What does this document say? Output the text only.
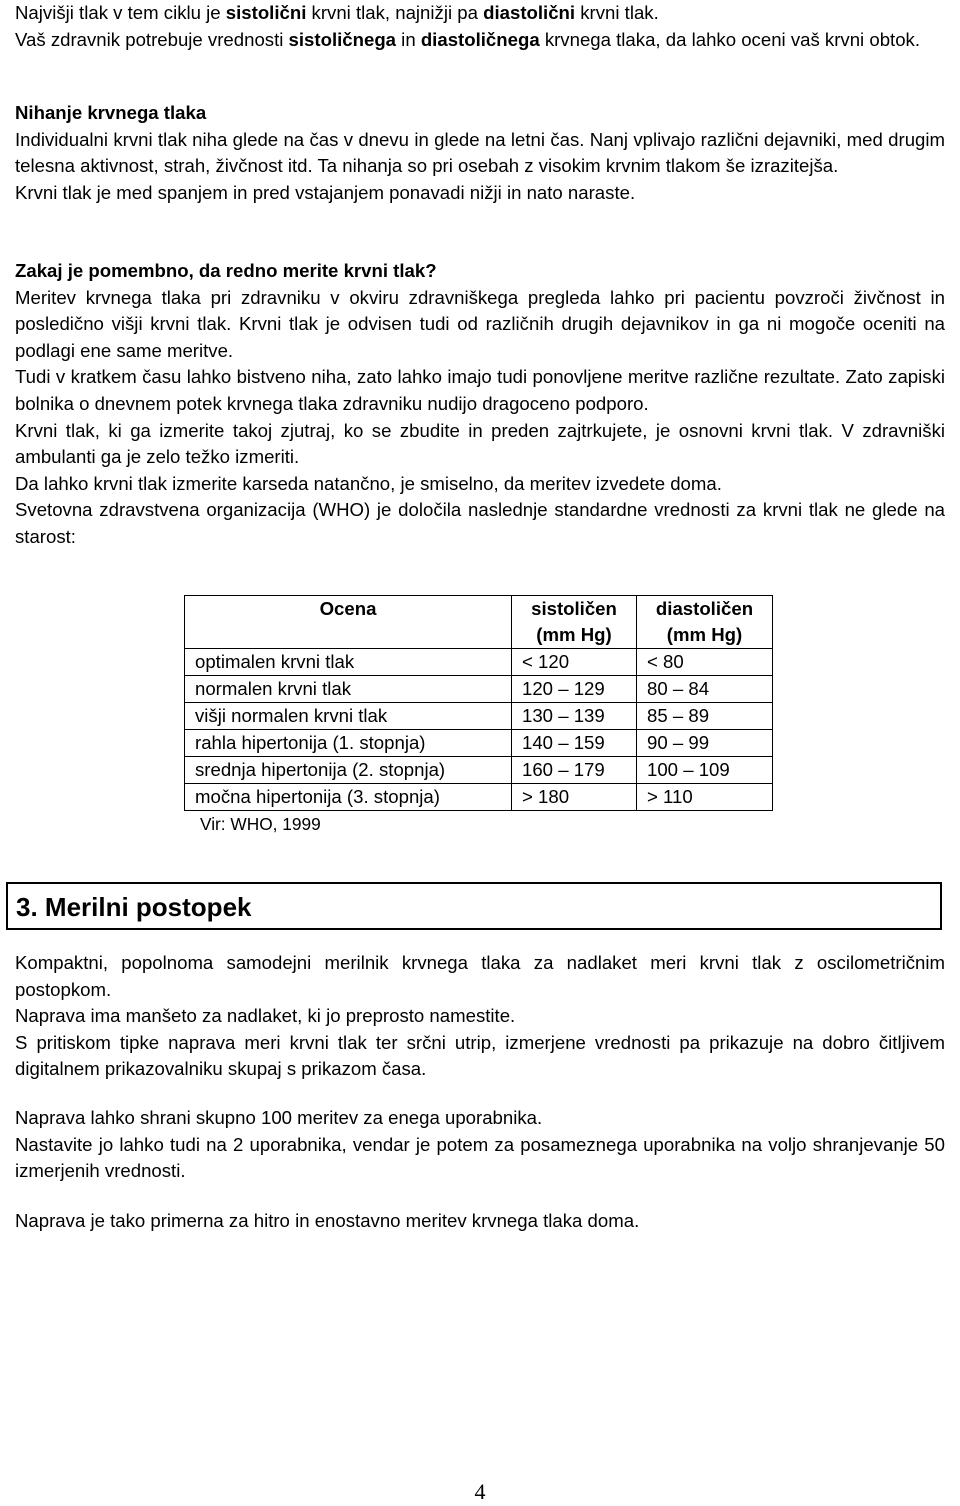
Najvišji tlak v tem ciklu je sistolični krvni tlak, najnižji pa diastolični krvni tlak.

Vaš zdravnik potrebuje vrednosti sistoličnega in diastoličnega krvnega tlaka, da lahko oceni vaš krvni obtok.

Nihanje krvnega tlaka

Individualni krvni tlak niha glede na čas v dnevu in glede na letni čas. Nanj vplivajo različni dejavniki, med drugim telesna aktivnost, strah, živčnost itd. Ta nihanja so pri osebah z visokim krvnim tlakom še izrazitejša.

Krvni tlak je med spanjem in pred vstajanjem ponavadi nižji in nato naraste.

Zakaj je pomembno, da redno merite krvni tlak?

Meritev krvnega tlaka pri zdravniku v okviru zdravniškega pregleda lahko pri pacientu povzroči živčnost in posledično višji krvni tlak. Krvni tlak je odvisen tudi od različnih drugih dejavnikov in ga ni mogoče oceniti na podlagi ene same meritve.

Tudi v kratkem času lahko bistveno niha, zato lahko imajo tudi ponovljene meritve različne rezultate. Zato zapiski bolnika o dnevnem potek krvnega tlaka zdravniku nudijo dragoceno podporo.

Krvni tlak, ki ga izmerite takoj zjutraj, ko se zbudite in preden zajtrkujete, je osnovni krvni tlak. V zdravniški ambulanti ga je zelo težko izmeriti.

Da lahko krvni tlak izmerite karseda natančno, je smiselno, da meritev izvedete doma.

Svetovna zdravstvena organizacija (WHO) je določila naslednje standardne vrednosti za krvni tlak ne glede na starost:

Ocena	sistoličen (mm Hg)	diastoličen (mm Hg)
optimalen krvni tlak	< 120	< 80
normalen krvni tlak	120 – 129	80 – 84
višji normalen krvni tlak	130 – 139	85 – 89
rahla hipertonija (1. stopnja)	140 – 159	90 – 99
srednja hipertonija (2. stopnja)	160 – 179	100 – 109
močna hipertonija (3. stopnja)	> 180	> 110
Vir: WHO, 1999
3. Merilni postopek

Kompaktni, popolnoma samodejni merilnik krvnega tlaka za nadlaket meri krvni tlak z oscilometričnim postopkom.

Naprava ima manšeto za nadlaket, ki jo preprosto namestite.

S pritiskom tipke naprava meri krvni tlak ter srčni utrip, izmerjene vrednosti pa prikazuje na dobro čitljivem digitalnem prikazovalniku skupaj s prikazom časa.

Naprava lahko shrani skupno 100 meritev za enega uporabnika.

Nastavite jo lahko tudi na 2 uporabnika, vendar je potem za posameznega uporabnika na voljo shranjevanje 50 izmerjenih vrednosti.

Naprava je tako primerna za hitro in enostavno meritev krvnega tlaka doma.

4
